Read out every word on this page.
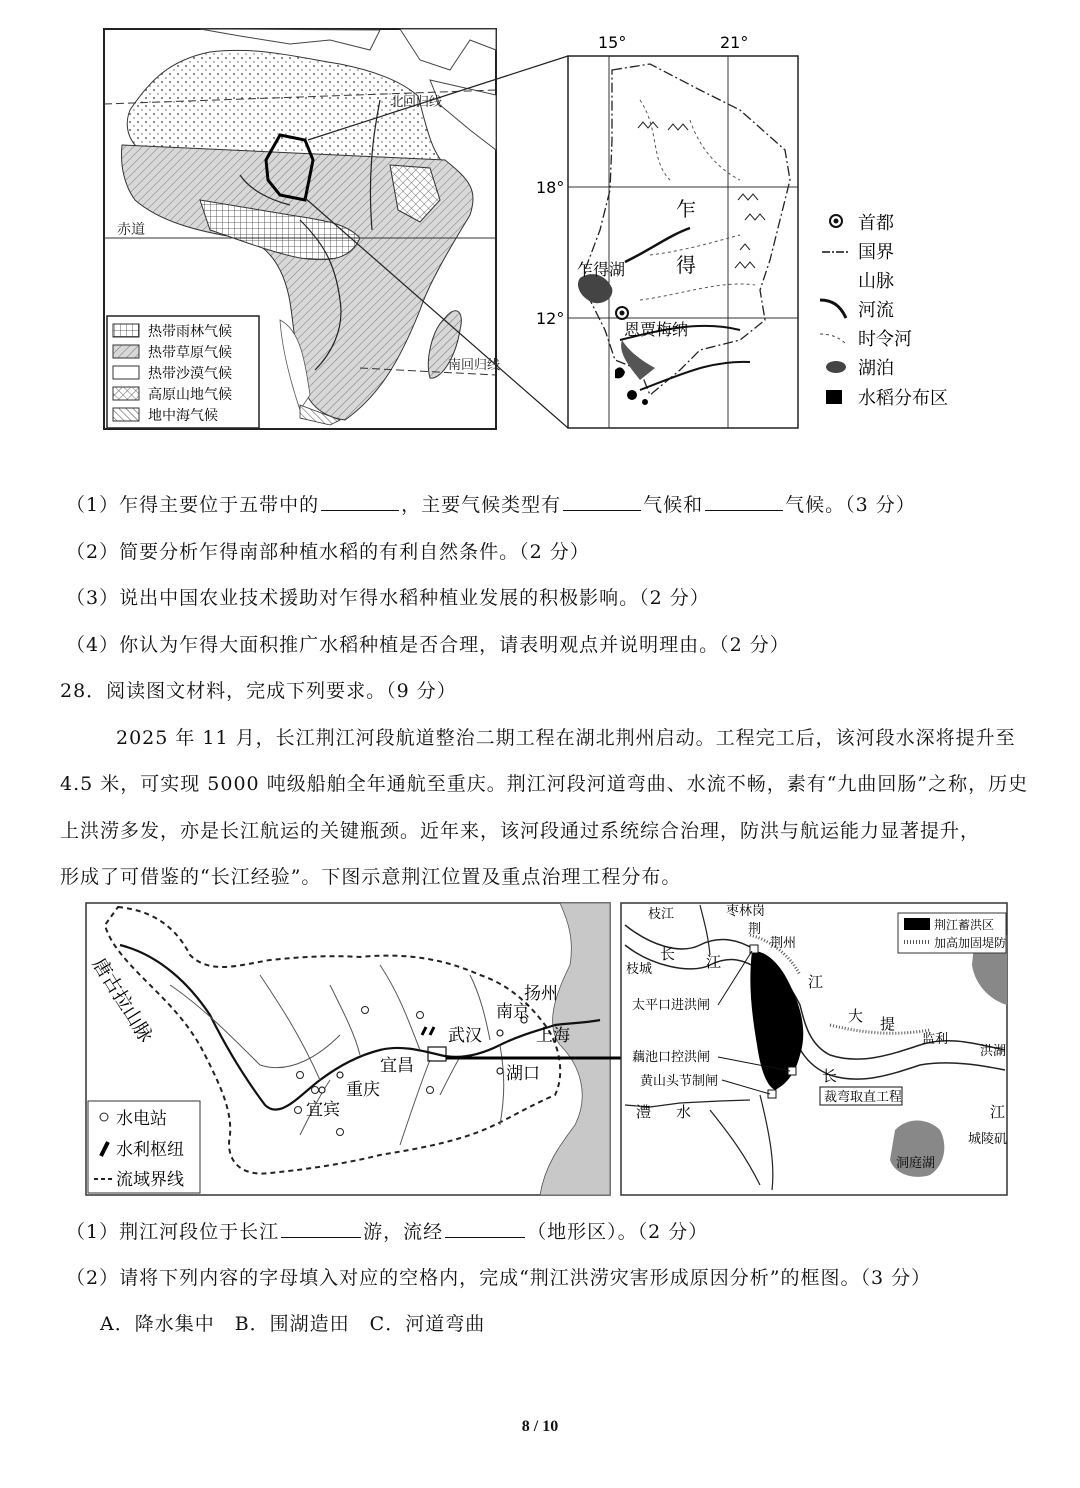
北回归线
赤道
南回归线
热带雨林气候
热带草原气候
热带沙漠气候
高原山地气候
地中海气候
15°	21°
18°
12°
乍
得
乍得湖
恩贾梅纳
首都
国界
山脉
河流
时令河
湖泊
水稻分布区
（1）乍得主要位于五带中的	，主要气候类型有	气候和	气候。（3 分）
（2）简要分析乍得南部种植水稻的有利自然条件。（2 分）
（3）说出中国农业技术援助对乍得水稻种植业发展的积极影响。（2 分）
（4）你认为乍得大面积推广水稻种植是否合理，请表明观点并说明理由。（2 分）
28．阅读图文材料，完成下列要求。（9 分）
2025 年 11 月，长江荆江河段航道整治二期工程在湖北荆州启动。工程完工后，该河段水深将提升至
4.5 米，可实现 5000 吨级船舶全年通航至重庆。荆江河段河道弯曲、水流不畅，素有“九曲回肠”之称，历史
上洪涝多发，亦是长江航运的关键瓶颈。近年来，该河段通过系统综合治理，防洪与航运能力显著提升，
形成了可借鉴的“长江经验”。下图示意荆江位置及重点治理工程分布。
唐古拉山脉	扬州
南京
上海
武汉
宜昌
重庆
宜宾
湖口
水电站
水利枢纽
流域界线
枝江	枣林岗
荆
荆州
枝城
长 江
江
大 提
监利
洪湖
长
江
城陵矶
洞庭湖
澧 水
太平口进洪闸
藕池口控洪闸
黄山头节制闸
裁弯取直工程
荆江蓄洪区
加高加固堤防
（1）荆江河段位于长江	游，流经	（地形区）。（2 分）
（2）请将下列内容的字母填入对应的空格内，完成“荆江洪涝灾害形成原因分析”的框图。（3 分）
A．降水集中　B．围湖造田　C．河道弯曲
8 / 10
